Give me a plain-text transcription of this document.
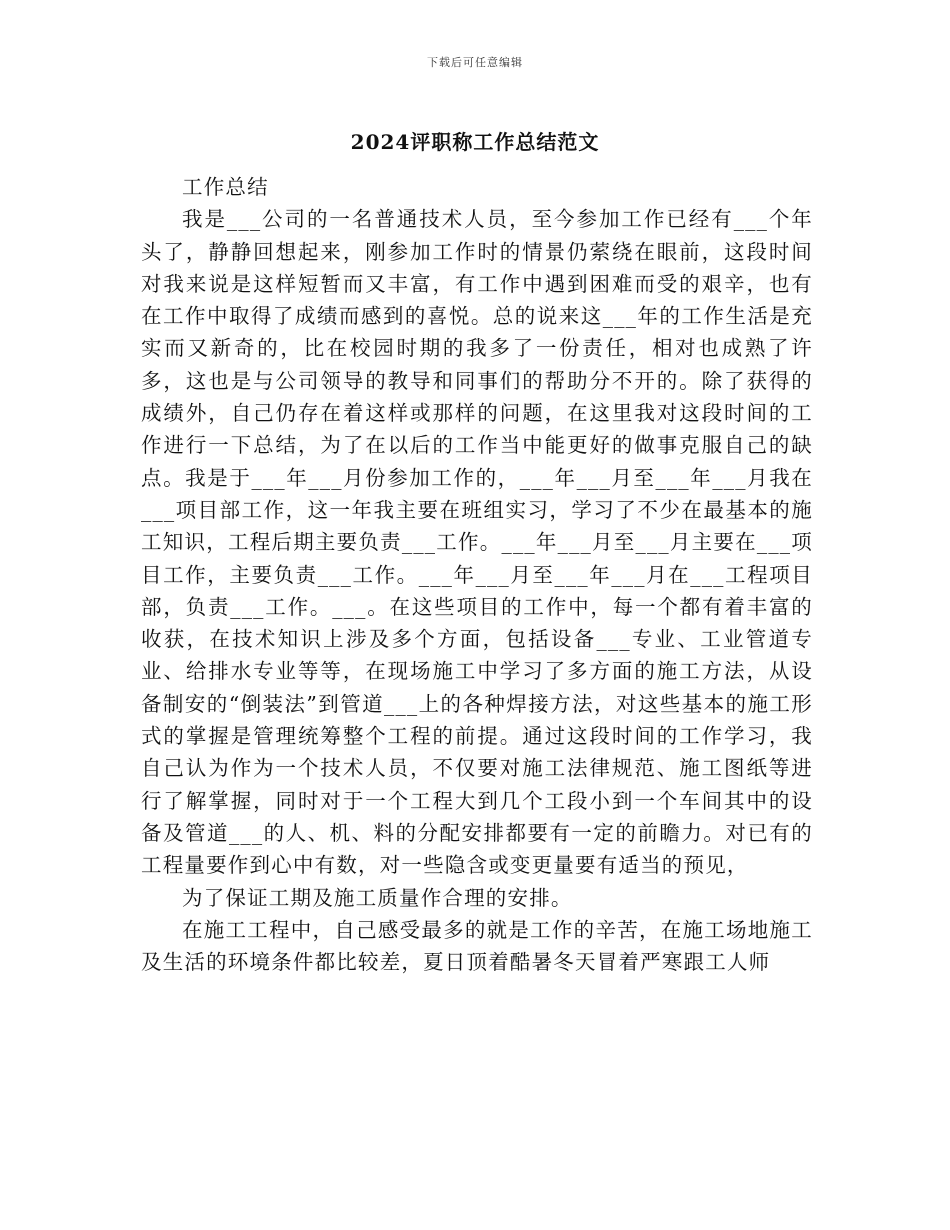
下载后可任意编辑
2024评职称工作总结范文

工作总结

我是___公司的一名普通技术人员，至今参加工作已经有___个年头了，静静回想起来，刚参加工作时的情景仍萦绕在眼前，这段时间对我来说是这样短暂而又丰富，有工作中遇到困难而受的艰辛，也有在工作中取得了成绩而感到的喜悦。总的说来这___年的工作生活是充实而又新奇的，比在校园时期的我多了一份责任，相对也成熟了许多，这也是与公司领导的教导和同事们的帮助分不开的。除了获得的成绩外，自己仍存在着这样或那样的问题，在这里我对这段时间的工作进行一下总结，为了在以后的工作当中能更好的做事克服自己的缺点。我是于___年___月份参加工作的，___年___月至___年___月我在___项目部工作，这一年我主要在班组实习，学习了不少在最基本的施工知识，工程后期主要负责___工作。___年___月至___月主要在___项目工作，主要负责___工作。___年___月至___年___月在___工程项目部，负责___工作。___。在这些项目的工作中，每一个都有着丰富的收获，在技术知识上涉及多个方面，包括设备___专业、工业管道专业、给排水专业等等，在现场施工中学习了多方面的施工方法，从设备制安的“倒装法”到管道___上的各种焊接方法，对这些基本的施工形式的掌握是管理统筹整个工程的前提。通过这段时间的工作学习，我自己认为作为一个技术人员，不仅要对施工法律规范、施工图纸等进行了解掌握，同时对于一个工程大到几个工段小到一个车间其中的设备及管道___的人、机、料的分配安排都要有一定的前瞻力。对已有的工程量要作到心中有数，对一些隐含或变更量要有适当的预见，

为了保证工期及施工质量作合理的安排。

在施工工程中，自己感受最多的就是工作的辛苦，在施工场地施工及生活的环境条件都比较差，夏日顶着酷暑冬天冒着严寒跟工人师
